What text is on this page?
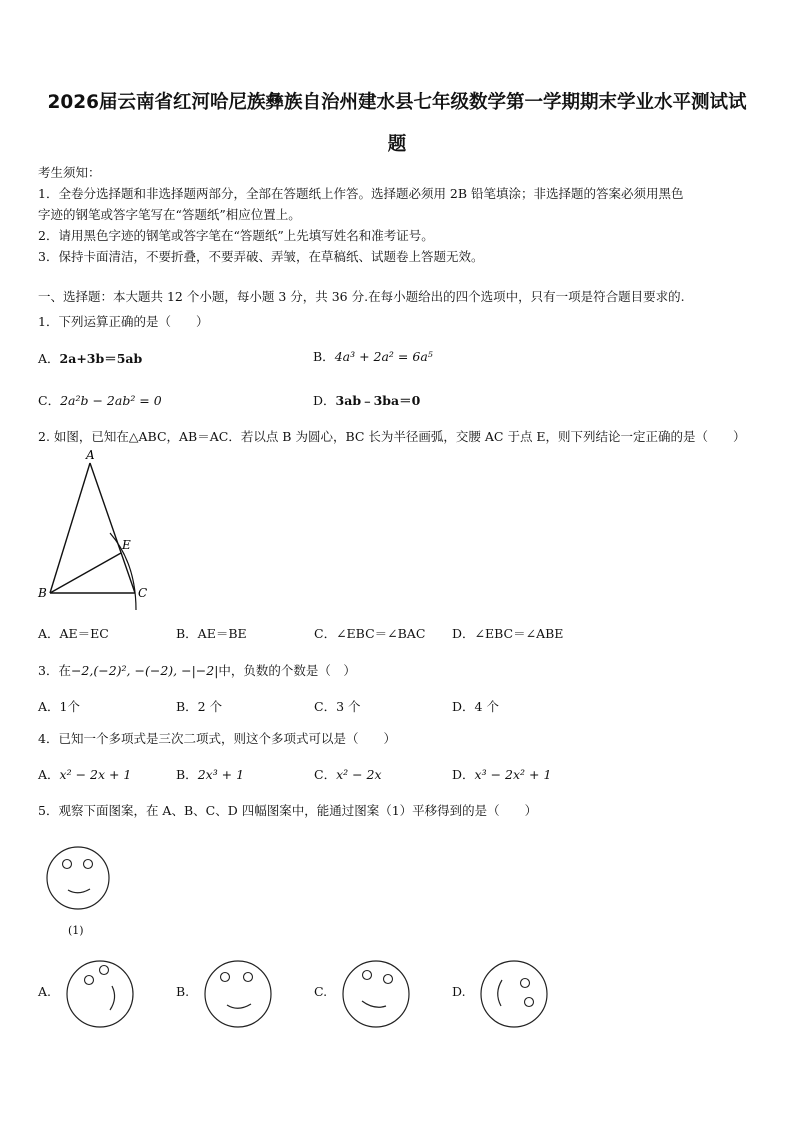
2026届云南省红河哈尼族彝族自治州建水县七年级数学第一学期期末学业水平测试试
题
考生须知：
1．全卷分选择题和非选择题两部分，全部在答题纸上作答。选择题必须用 2B 铅笔填涂；非选择题的答案必须用黑色
字迹的钢笔或答字笔写在“答题纸”相应位置上。
2．请用黑色字迹的钢笔或答字笔在“答题纸”上先填写姓名和准考证号。
3．保持卡面清洁，不要折叠，不要弄破、弄皱，在草稿纸、试题卷上答题无效。
一、选择题：本大题共 12 个小题，每小题 3 分，共 36 分.在每小题给出的四个选项中，只有一项是符合题目要求的.
1．下列运算正确的是（　　）
A．2a+3b＝5ab	B．4a³ + 2a² = 6a⁵
C．2a²b − 2ab² = 0	D．3ab﹣3ba＝0
2. 如图，已知在△ABC，AB＝AC．若以点 B 为圆心，BC 长为半径画弧，交腰 AC 于点 E，则下列结论一定正确的是（　　）
A
B	C
E
A．AE＝EC	B．AE＝BE	C．∠EBC＝∠BAC D．∠EBC＝∠ABE
3．在−2,(−2)², −(−2), −|−2|中，负数的个数是（　）
A．1个	B．2 个	C．3 个	D．4 个
4．已知一个多项式是三次二项式，则这个多项式可以是（　　）
A．x² − 2x + 1	B．2x³ + 1	C．x² − 2x	D．x³ − 2x² + 1
5．观察下面图案，在 A、B、C、D 四幅图案中，能通过图案（1）平移得到的是（　　）
(1)
A.	B.	C.	D.
